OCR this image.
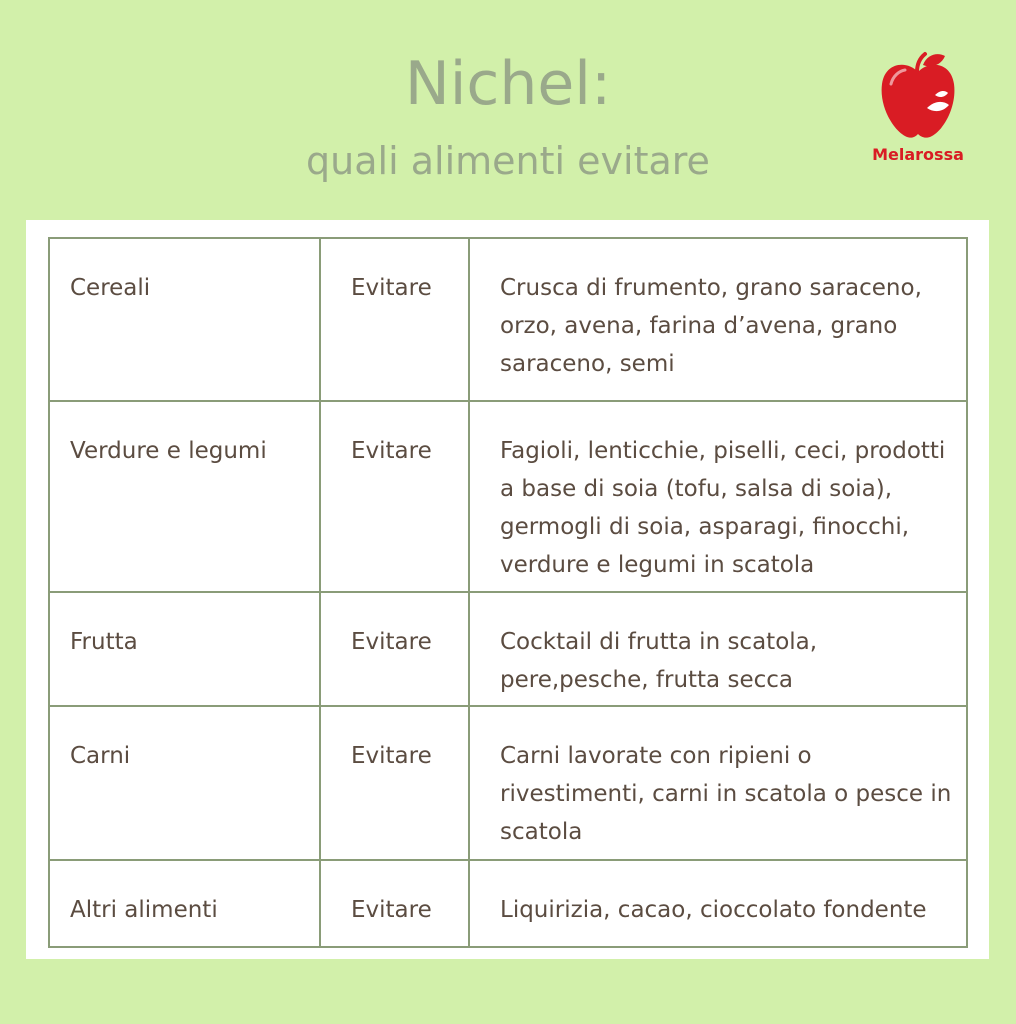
Nichel:
quali alimenti evitare	Melarossa
Cereali	Evitare	Crusca di frumento, grano saraceno, orzo, avena, farina d’avena, grano saraceno, semi
Verdure e legumi	Evitare	Fagioli, lenticchie, piselli, ceci, prodotti a base di soia (tofu, salsa di soia), germogli di soia, asparagi, finocchi, verdure e legumi in scatola
Frutta	Evitare	Cocktail di frutta in scatola, pere,pesche, frutta secca
Carni	Evitare	Carni lavorate con ripieni o rivestimenti, carni in scatola o pesce in scatola
Altri alimenti	Evitare	Liquirizia, cacao, cioccolato fondente
